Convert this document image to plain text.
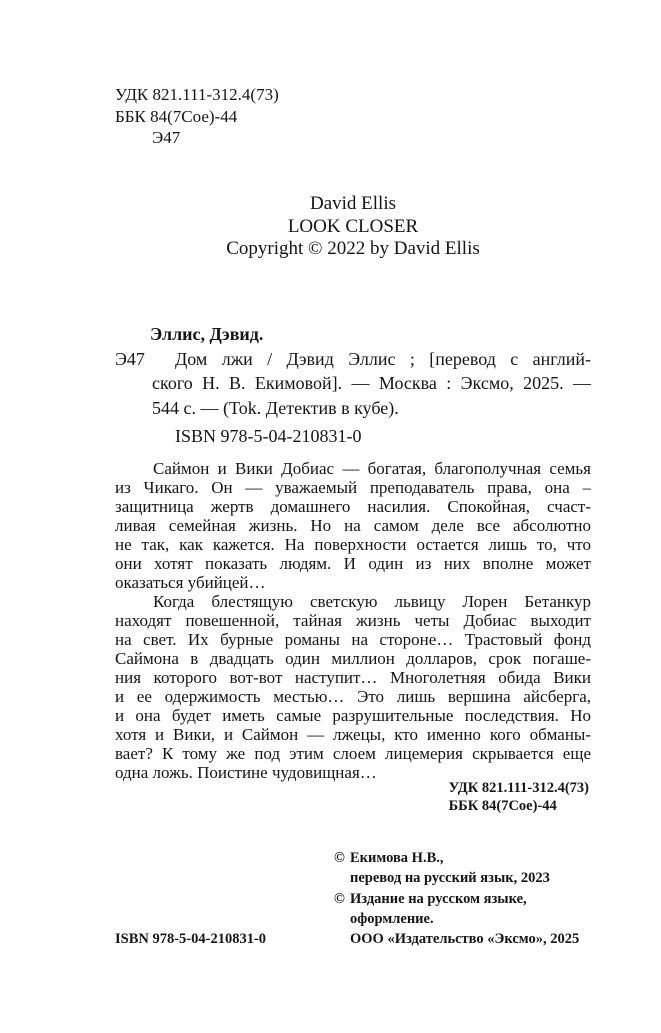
УДК 821.111-312.4(73)
ББК 84(7Сое)-44
Э47
David Ellis
LOOK CLOSER
Copyright © 2022 by David Ellis
Эллис, Дэвид.
Э47 Дом лжи / Дэвид Эллис ; [перевод с англий-
ского Н. В. Екимовой]. — Москва : Эксмо, 2025. —
544 с. — (Tok. Детектив в кубе).
ISBN 978-5-04-210831-0
Саймон и Вики Добиас — богатая, благополучная семья
из Чикаго. Он — уважаемый преподаватель права, она –
защитница жертв домашнего насилия. Спокойная, счаст-
ливая семейная жизнь. Но на самом деле все абсолютно
не так, как кажется. На поверхности остается лишь то, что
они хотят показать людям. И один из них вполне может
оказаться убийцей…
Когда блестящую светскую львицу Лорен Бетанкур
находят повешенной, тайная жизнь четы Добиас выходит
на свет. Их бурные романы на стороне… Трастовый фонд
Саймона в двадцать один миллион долларов, срок погаше-
ния которого вот-вот наступит… Многолетняя обида Вики
и ее одержимость местью… Это лишь вершина айсберга,
и она будет иметь самые разрушительные последствия. Но
хотя и Вики, и Саймон — лжецы, кто именно кого обманы-
вает? К тому же под этим слоем лицемерия скрывается еще
одна ложь. Поистине чудовищная…
УДК 821.111-312.4(73)
ББК 84(7Сое)-44
© Екимова Н.В.,
перевод на русский язык, 2023
© Издание на русском языке,
оформление.
ООО «Издательство «Эксмо», 2025
ISBN 978-5-04-210831-0
